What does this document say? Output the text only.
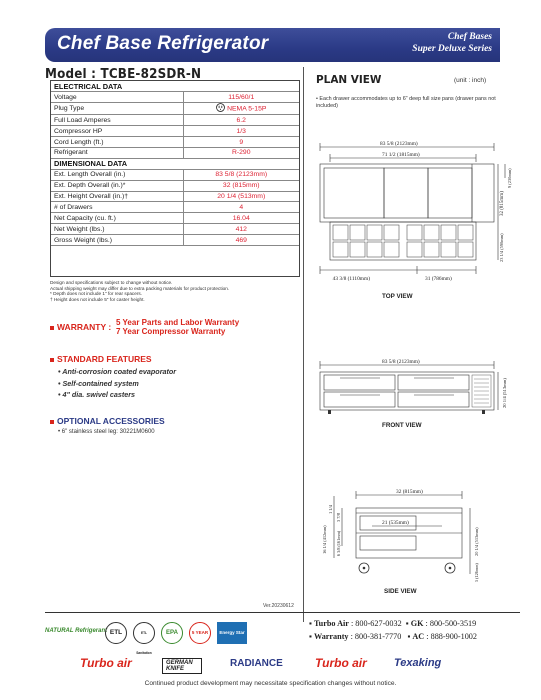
Chef Base Refrigerator	Chef Bases
Super Deluxe Series
Model : TCBE-82SDR-N
ELECTRICAL DATA	
Voltage	115/60/1
Plug Type	NEMA 5-15P
Full Load Amperes	6.2
Compressor HP	1/3
Cord Length (ft.)	9
Refrigerant	R-290
DIMENSIONAL DATA	
Ext. Length Overall (in.)	83 5/8 (2123mm)
Ext. Depth Overall (in.)*	32 (815mm)
Ext. Height Overall (in.)†	20 1/4 (513mm)
# of Drawers	4
Net Capacity (cu. ft.)	16.04
Net Weight (lbs.)	412
Gross Weight (lbs.)	469
Design and specifications subject to change without notice.
Actual shipping weight may differ due to extra packing materials for product protection.
* Depth does not include 1" for rear spacers.
† Height does not include 5" for caster height.
WARRANTY : 5 Year Parts and Labor Warranty
7 Year Compressor Warranty
STANDARD FEATURES
• Anti-corrosion coated evaporator
• Self-contained system
• 4" dia. swivel casters
OPTIONAL ACCESSORIES
• 6" stainless steel leg: 30221M0600
PLAN VIEW	(unit : inch)
• Each drawer accommodates up to 6" deep full size pans (drawer pans not included)
83 5/8 (2123mm)
71 1/2 (1815mm)
43 3/8 (1110mm)	31 (786mm)
32 (815mm)
9 (230mm)
23 1/4 (590mm)
TOP VIEW
83 5/8 (2123mm)
20 1/4 (513mm)
FRONT VIEW
32 (815mm)
21 (535mm)
1 1/4
3 7/8
16 1/4 (412mm) 6 3/8 (161mm)	20 1/4 (513mm)
5 (126mm)
SIDE VIEW
Ver.20230612
NATURAL Refrigerant ETL	ETL Sanitation
EPA	5 YEAR	Energy Star
▪ Turbo Air : 800-627-0032  ▪ GK : 800-500-3519
▪ Warranty : 800-381-7770   ▪ AC : 888-900-1002
Turbo air	GERMAN KNIFE	RADIANCE	Turbo air Texaking
Continued product development may necessitate specification changes without notice.
